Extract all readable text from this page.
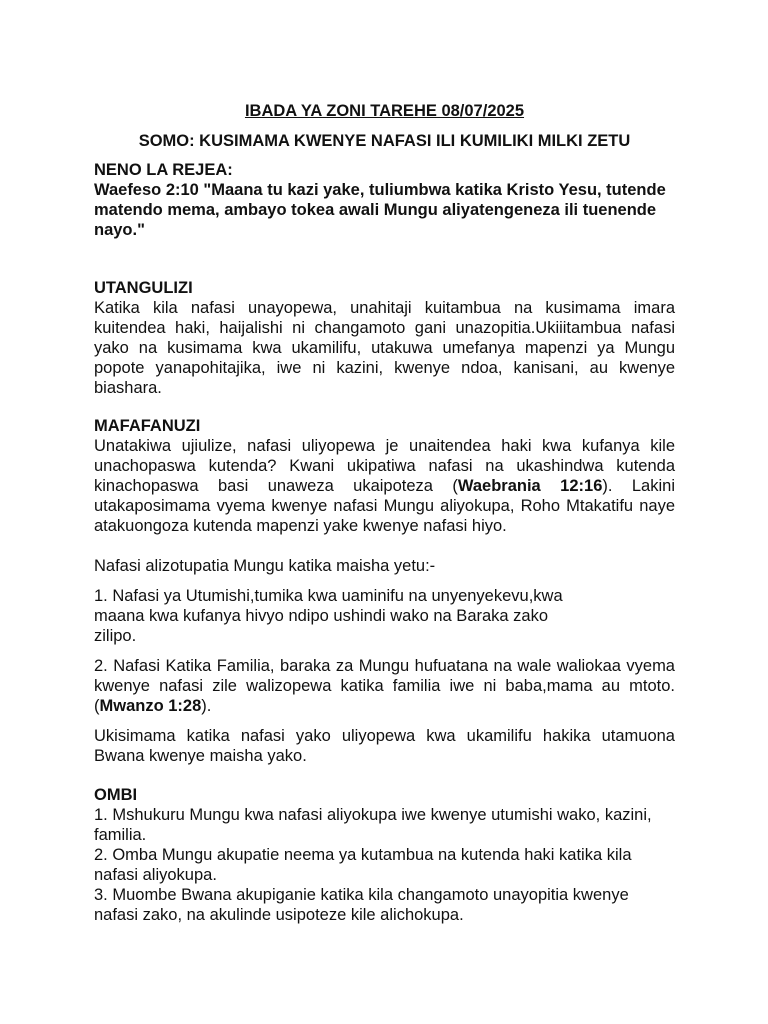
IBADA YA ZONI TAREHE 08/07/2025
SOMO: KUSIMAMA KWENYE NAFASI ILI KUMILIKI MILKI ZETU
NENO LA REJEA:
Waefeso 2:10 "Maana tu kazi yake, tuliumbwa katika Kristo Yesu, tutende matendo mema, ambayo tokea awali Mungu aliyatengeneza ili tuenende nayo."
UTANGULIZI

Katika kila nafasi unayopewa, unahitaji kuitambua na kusimama imara kuitendea haki, haijalishi ni changamoto gani unazopitia.Ukiiitambua nafasi yako na kusimama kwa ukamilifu, utakuwa umefanya mapenzi ya Mungu popote yanapohitajika, iwe ni kazini, kwenye ndoa, kanisani, au kwenye biashara.

MAFAFANUZI

Unatakiwa ujiulize, nafasi uliyopewa je unaitendea haki kwa kufanya kile unachopaswa kutenda? Kwani ukipatiwa nafasi na ukashindwa kutenda kinachopaswa basi unaweza ukaipoteza (Waebrania 12:16). Lakini utakaposimama vyema kwenye nafasi Mungu aliyokupa, Roho Mtakatifu naye atakuongoza kutenda mapenzi yake kwenye nafasi hiyo.

Nafasi alizotupatia Mungu katika maisha yetu:-

1. Nafasi ya Utumishi,tumika kwa uaminifu na unyenyekevu,kwa
maana kwa kufanya hivyo ndipo ushindi wako na Baraka zako
zilipo.

2. Nafasi Katika Familia, baraka za Mungu hufuatana na wale waliokaa vyema kwenye nafasi zile walizopewa katika familia iwe ni baba,mama au mtoto.(Mwanzo 1:28).

Ukisimama katika nafasi yako uliyopewa kwa ukamilifu hakika utamuona Bwana kwenye maisha yako.

OMBI

1. Mshukuru Mungu kwa nafasi aliyokupa iwe kwenye utumishi wako, kazini, familia.

2. Omba Mungu akupatie neema ya kutambua na kutenda haki katika kila nafasi aliyokupa.

3. Muombe Bwana akupiganie katika kila changamoto unayopitia kwenye nafasi zako, na akulinde usipoteze kile alichokupa.
